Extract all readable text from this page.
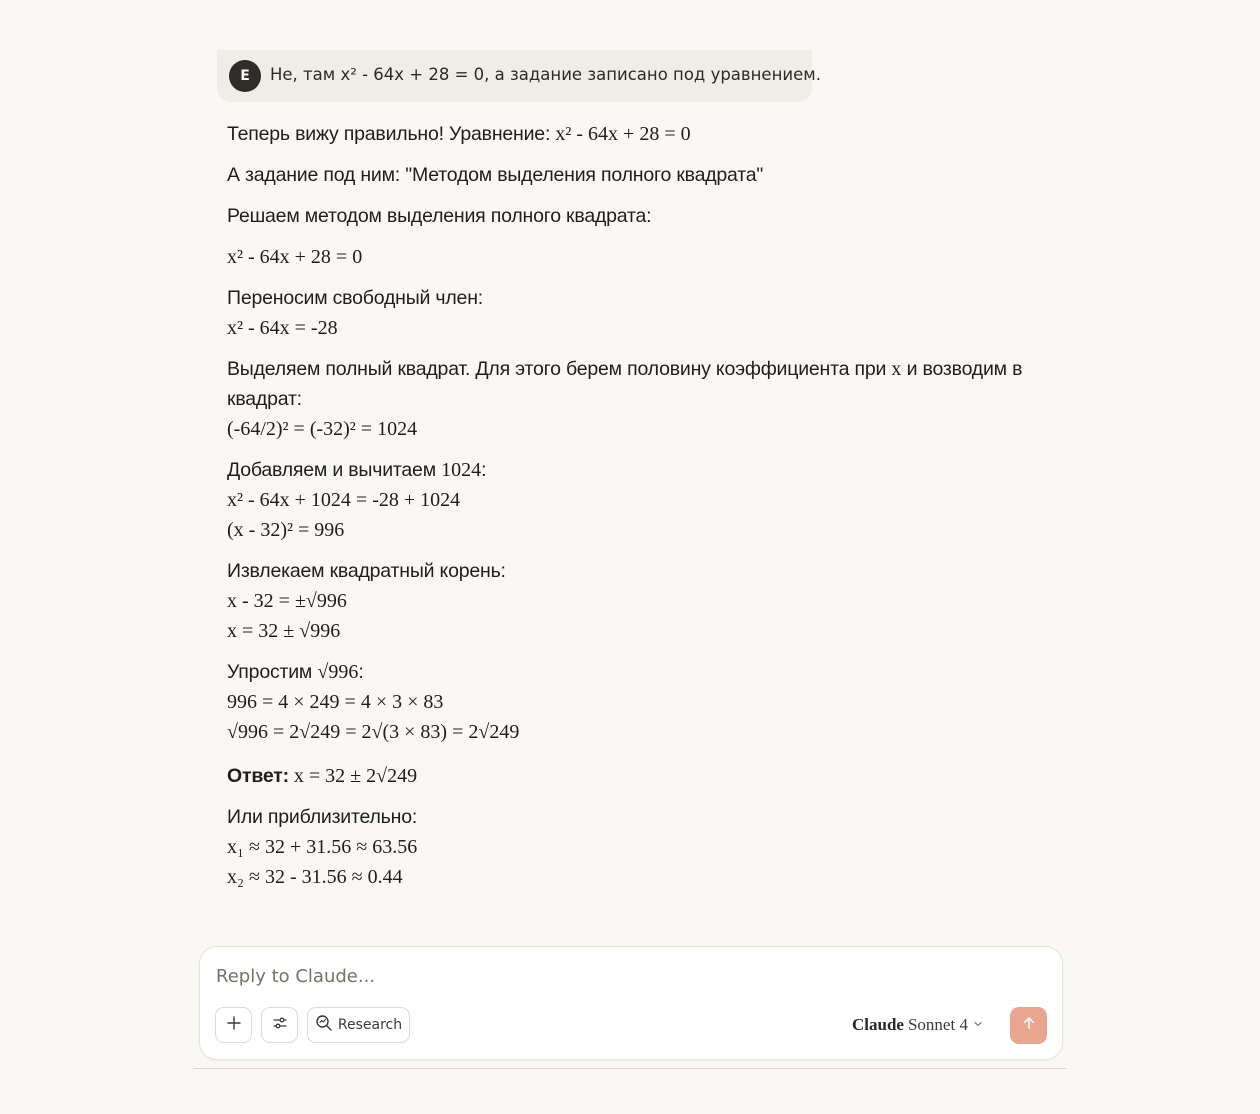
E	Не, там x² - 64x + 28 = 0, а задание записано под уравнением.

Теперь вижу правильно! Уравнение: x² - 64x + 28 = 0

А задание под ним: "Методом выделения полного квадрата"

Решаем методом выделения полного квадрата:

x² - 64x + 28 = 0

Переносим свободный член:
x² - 64x = -28

Выделяем полный квадрат. Для этого берем половину коэффициента при x и возводим в
квадрат:
(-64/2)² = (-32)² = 1024

Добавляем и вычитаем 1024:
x² - 64x + 1024 = -28 + 1024
(x - 32)² = 996

Извлекаем квадратный корень:
x - 32 = ±√996
x = 32 ± √996

Упростим √996:
996 = 4 × 249 = 4 × 3 × 83
√996 = 2√249 = 2√(3 × 83) = 2√249

Ответ: x = 32 ± 2√249

Или приблизительно:
x₁ ≈ 32 + 31.56 ≈ 63.56
x₂ ≈ 32 - 31.56 ≈ 0.44

Reply to Claude...
Research	Claude Sonnet 4
